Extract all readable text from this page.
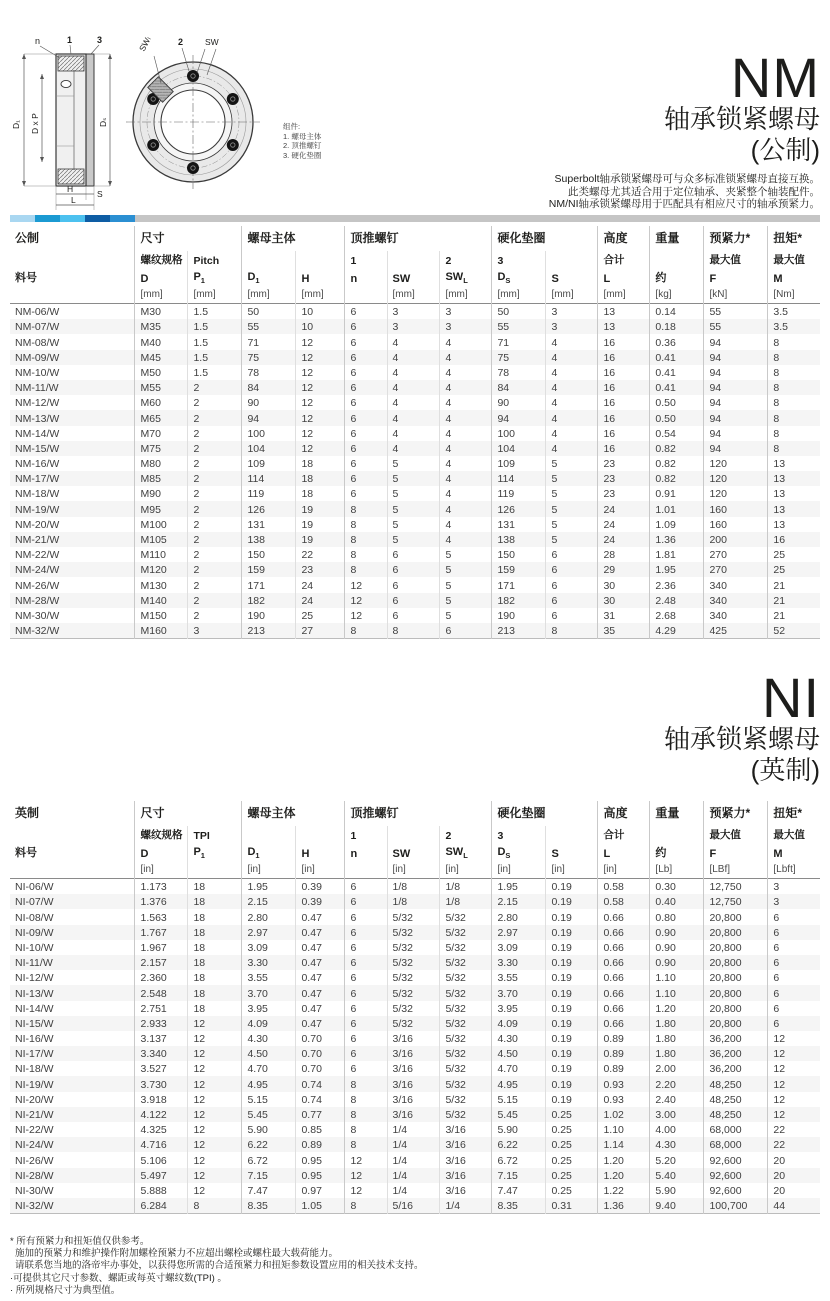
n	1	3
D₁ D x P	Dₛ
H	S
L
SWₗ	2	SW
组件:
1. 螺母主体
2. 顶推螺钉
3. 硬化垫圈
NM
轴承锁紧螺母
(公制)
Superbolt轴承锁紧螺母可与众多标准锁紧螺母直接互换。
此类螺母尤其适合用于定位轴承、夹紧整个轴装配件。
NM/NI轴承锁紧螺母用于匹配具有相应尺寸的轴承预紧力。
公制	尺寸		螺母主体		顶推螺钉			硬化垫圈		高度	重量	预紧力*	扭矩*
	螺纹规格	Pitch			1		2	3		合计		最大值	最大值
料号	D	$P_1$	$D_1$	H	n	SW	$SW_L$	$D_S$	S	L	约	F	M
	[mm]	[mm]	[mm]	[mm]		[mm]	[mm]	[mm]	[mm]	[mm]	[kg]	[kN]	[Nm]
NM-06/W	M30	1.5	50	10	6	3	3	50	3	13	0.14	55	3.5
NM-07/W	M35	1.5	55	10	6	3	3	55	3	13	0.18	55	3.5
NM-08/W	M40	1.5	71	12	6	4	4	71	4	16	0.36	94	8
NM-09/W	M45	1.5	75	12	6	4	4	75	4	16	0.41	94	8
NM-10/W	M50	1.5	78	12	6	4	4	78	4	16	0.41	94	8
NM-11/W	M55	2	84	12	6	4	4	84	4	16	0.41	94	8
NM-12/W	M60	2	90	12	6	4	4	90	4	16	0.50	94	8
NM-13/W	M65	2	94	12	6	4	4	94	4	16	0.50	94	8
NM-14/W	M70	2	100	12	6	4	4	100	4	16	0.54	94	8
NM-15/W	M75	2	104	12	6	4	4	104	4	16	0.82	94	8
NM-16/W	M80	2	109	18	6	5	4	109	5	23	0.82	120	13
NM-17/W	M85	2	114	18	6	5	4	114	5	23	0.82	120	13
NM-18/W	M90	2	119	18	6	5	4	119	5	23	0.91	120	13
NM-19/W	M95	2	126	19	8	5	4	126	5	24	1.01	160	13
NM-20/W	M100	2	131	19	8	5	4	131	5	24	1.09	160	13
NM-21/W	M105	2	138	19	8	5	4	138	5	24	1.36	200	16
NM-22/W	M110	2	150	22	8	6	5	150	6	28	1.81	270	25
NM-24/W	M120	2	159	23	8	6	5	159	6	29	1.95	270	25
NM-26/W	M130	2	171	24	12	6	5	171	6	30	2.36	340	21
NM-28/W	M140	2	182	24	12	6	5	182	6	30	2.48	340	21
NM-30/W	M150	2	190	25	12	6	5	190	6	31	2.68	340	21
NM-32/W	M160	3	213	27	8	8	6	213	8	35	4.29	425	52
NI
轴承锁紧螺母
(英制)
英制	尺寸		螺母主体		顶推螺钉			硬化垫圈		高度	重量	预紧力*	扭矩*
	螺纹规格	TPI			1		2	3		合计		最大值	最大值
料号	D	$P_1$	$D_1$	H	n	SW	$SW_L$	$D_S$	S	L	约	F	M
	[in]		[in]	[in]		[in]	[in]	[in]	[in]	[in]	[Lb]	[LBf]	[Lbft]
NI-06/W	1.173	18	1.95	0.39	6	1/8	1/8	1.95	0.19	0.58	0.30	12,750	3
NI-07/W	1.376	18	2.15	0.39	6	1/8	1/8	2.15	0.19	0.58	0.40	12,750	3
NI-08/W	1.563	18	2.80	0.47	6	5/32	5/32	2.80	0.19	0.66	0.80	20,800	6
NI-09/W	1.767	18	2.97	0.47	6	5/32	5/32	2.97	0.19	0.66	0.90	20,800	6
NI-10/W	1.967	18	3.09	0.47	6	5/32	5/32	3.09	0.19	0.66	0.90	20,800	6
NI-11/W	2.157	18	3.30	0.47	6	5/32	5/32	3.30	0.19	0.66	0.90	20,800	6
NI-12/W	2.360	18	3.55	0.47	6	5/32	5/32	3.55	0.19	0.66	1.10	20,800	6
NI-13/W	2.548	18	3.70	0.47	6	5/32	5/32	3.70	0.19	0.66	1.10	20,800	6
NI-14/W	2.751	18	3.95	0.47	6	5/32	5/32	3.95	0.19	0.66	1.20	20,800	6
NI-15/W	2.933	12	4.09	0.47	6	5/32	5/32	4.09	0.19	0.66	1.80	20,800	6
NI-16/W	3.137	12	4.30	0.70	6	3/16	5/32	4.30	0.19	0.89	1.80	36,200	12
NI-17/W	3.340	12	4.50	0.70	6	3/16	5/32	4.50	0.19	0.89	1.80	36,200	12
NI-18/W	3.527	12	4.70	0.70	6	3/16	5/32	4.70	0.19	0.89	2.00	36,200	12
NI-19/W	3.730	12	4.95	0.74	8	3/16	5/32	4.95	0.19	0.93	2.20	48,250	12
NI-20/W	3.918	12	5.15	0.74	8	3/16	5/32	5.15	0.19	0.93	2.40	48,250	12
NI-21/W	4.122	12	5.45	0.77	8	3/16	5/32	5.45	0.25	1.02	3.00	48,250	12
NI-22/W	4.325	12	5.90	0.85	8	1/4	3/16	5.90	0.25	1.10	4.00	68,000	22
NI-24/W	4.716	12	6.22	0.89	8	1/4	3/16	6.22	0.25	1.14	4.30	68,000	22
NI-26/W	5.106	12	6.72	0.95	12	1/4	3/16	6.72	0.25	1.20	5.20	92,600	20
NI-28/W	5.497	12	7.15	0.95	12	1/4	3/16	7.15	0.25	1.20	5.40	92,600	20
NI-30/W	5.888	12	7.47	0.97	12	1/4	3/16	7.47	0.25	1.22	5.90	92,600	20
NI-32/W	6.284	8	8.35	1.05	8	5/16	1/4	8.35	0.31	1.36	9.40	100,700	44
* 所有预紧力和扭矩值仅供参考。
施加的预紧力和维护操作附加螺栓预紧力不应超出螺栓或螺柱最大载荷能力。
请联系您当地的洛帝牢办事处，以获得您所需的合适预紧力和扭矩参数设置应用的相关技术支持。
·可提供其它尺寸参数、螺距或每英寸螺纹数(TPI) 。
· 所列规格尺寸为典型值。
